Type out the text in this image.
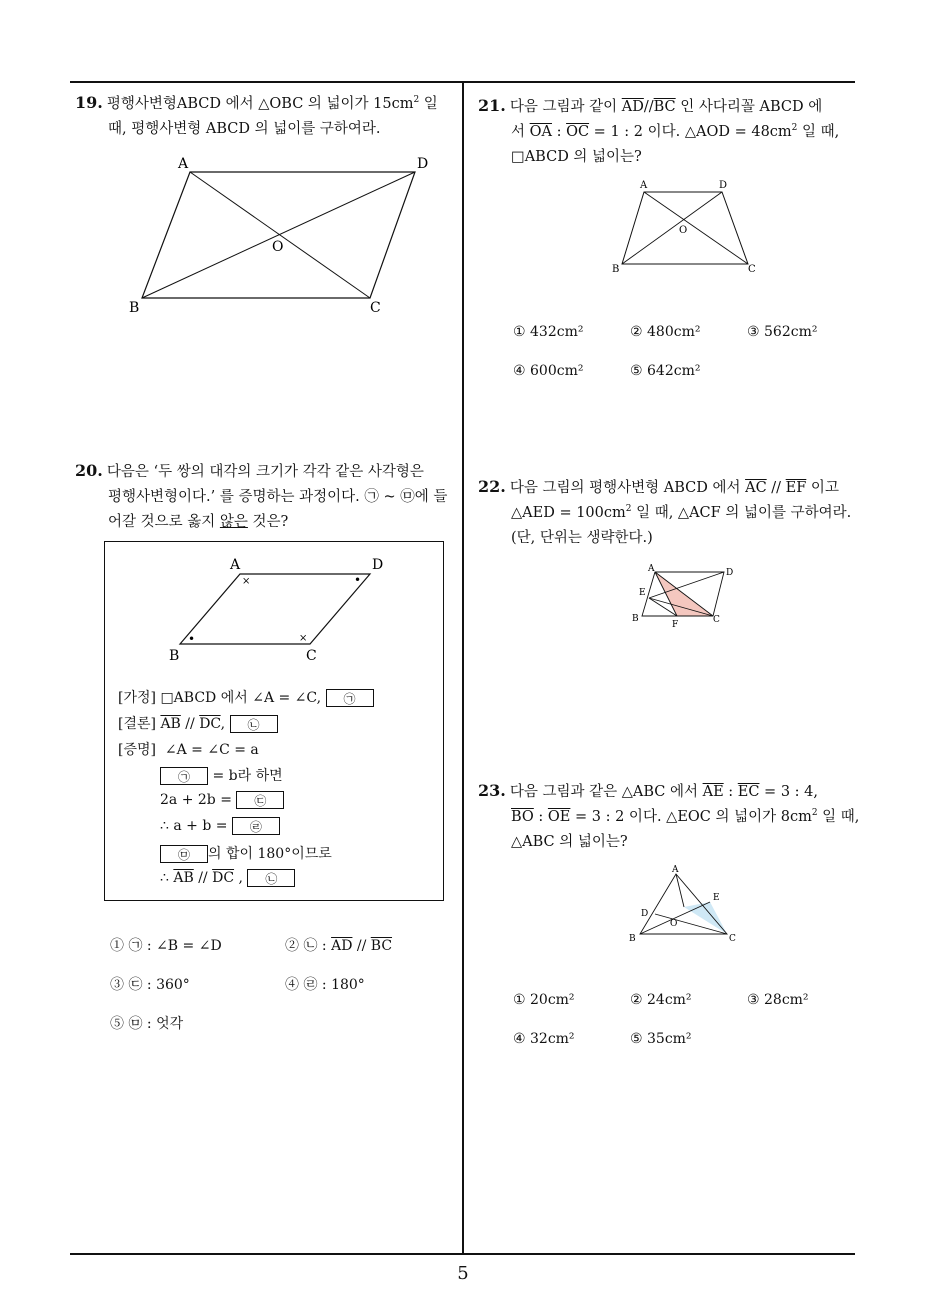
19. 평행사변형ABCD 에서 △OBC 의 넓이가 $15cm^2$ 일
때, 평행사변형 ABCD 의 넓이를 구하여라.
A	D
B	C
O
20. 다음은 ‘두 쌍의 대각의 크기가 각각 같은 사각형은
평행사변형이다.’ 를 증명하는 과정이다. ㉠ ~ ㉤에 들
어갈 것으로 옳지 않은 것은?
A	D
B	C
×
×
•
•
[가정] □ABCD 에서 ∠A = ∠C, ㉠
[결론] $\overline{AB} // \overline{DC}$, ㉡
[증명] ∠A = ∠C = a
㉠ = b라 하면
2a + 2b = ㉢
∴ a + b = ㉣
㉤ 의 합이 180°이므로
∴ $\overline{AB} // \overline{DC}$ , ㉡
① ㉠ : ∠B = ∠D	② ㉡ : $\overline{AD} // \overline{BC}$
③ ㉢ : 360°	④ ㉣ : 180°
⑤ ㉤ : 엇각
21. 다음 그림과 같이 $\overline{AD}//\overline{BC}$ 인 사다리꼴 ABCD 에
서 $\overline{OA}$ : $\overline{OC} = 1$ : 2 이다. △AOD = $48cm^2$ 일 때,
□ABCD 의 넓이는?
A	D
B	C
O
① 432cm²	② 480cm²	③ 562cm²
④ 600cm²	⑤ 642cm²
22. 다음 그림의 평행사변형 ABCD 에서 $\overline{AC} // \overline{EF}$ 이고
△AED = $100cm^2$ 일 때, △ACF 의 넓이를 구하여라.
(단, 단위는 생략한다.)
A	D
B	C
E
F
23. 다음 그림과 같은 △ABC 에서 $\overline{AE}$ : $\overline{EC} = 3$ : 4,
$\overline{BO}$ : $\overline{OE} = 3$ : 2 이다. △EOC 의 넓이가 $8cm^2$ 일 때,
△ABC 의 넓이는?
A
E
D
O
B	C
① 20cm²	② 24cm²	③ 28cm²
④ 32cm²	⑤ 35cm²
5
